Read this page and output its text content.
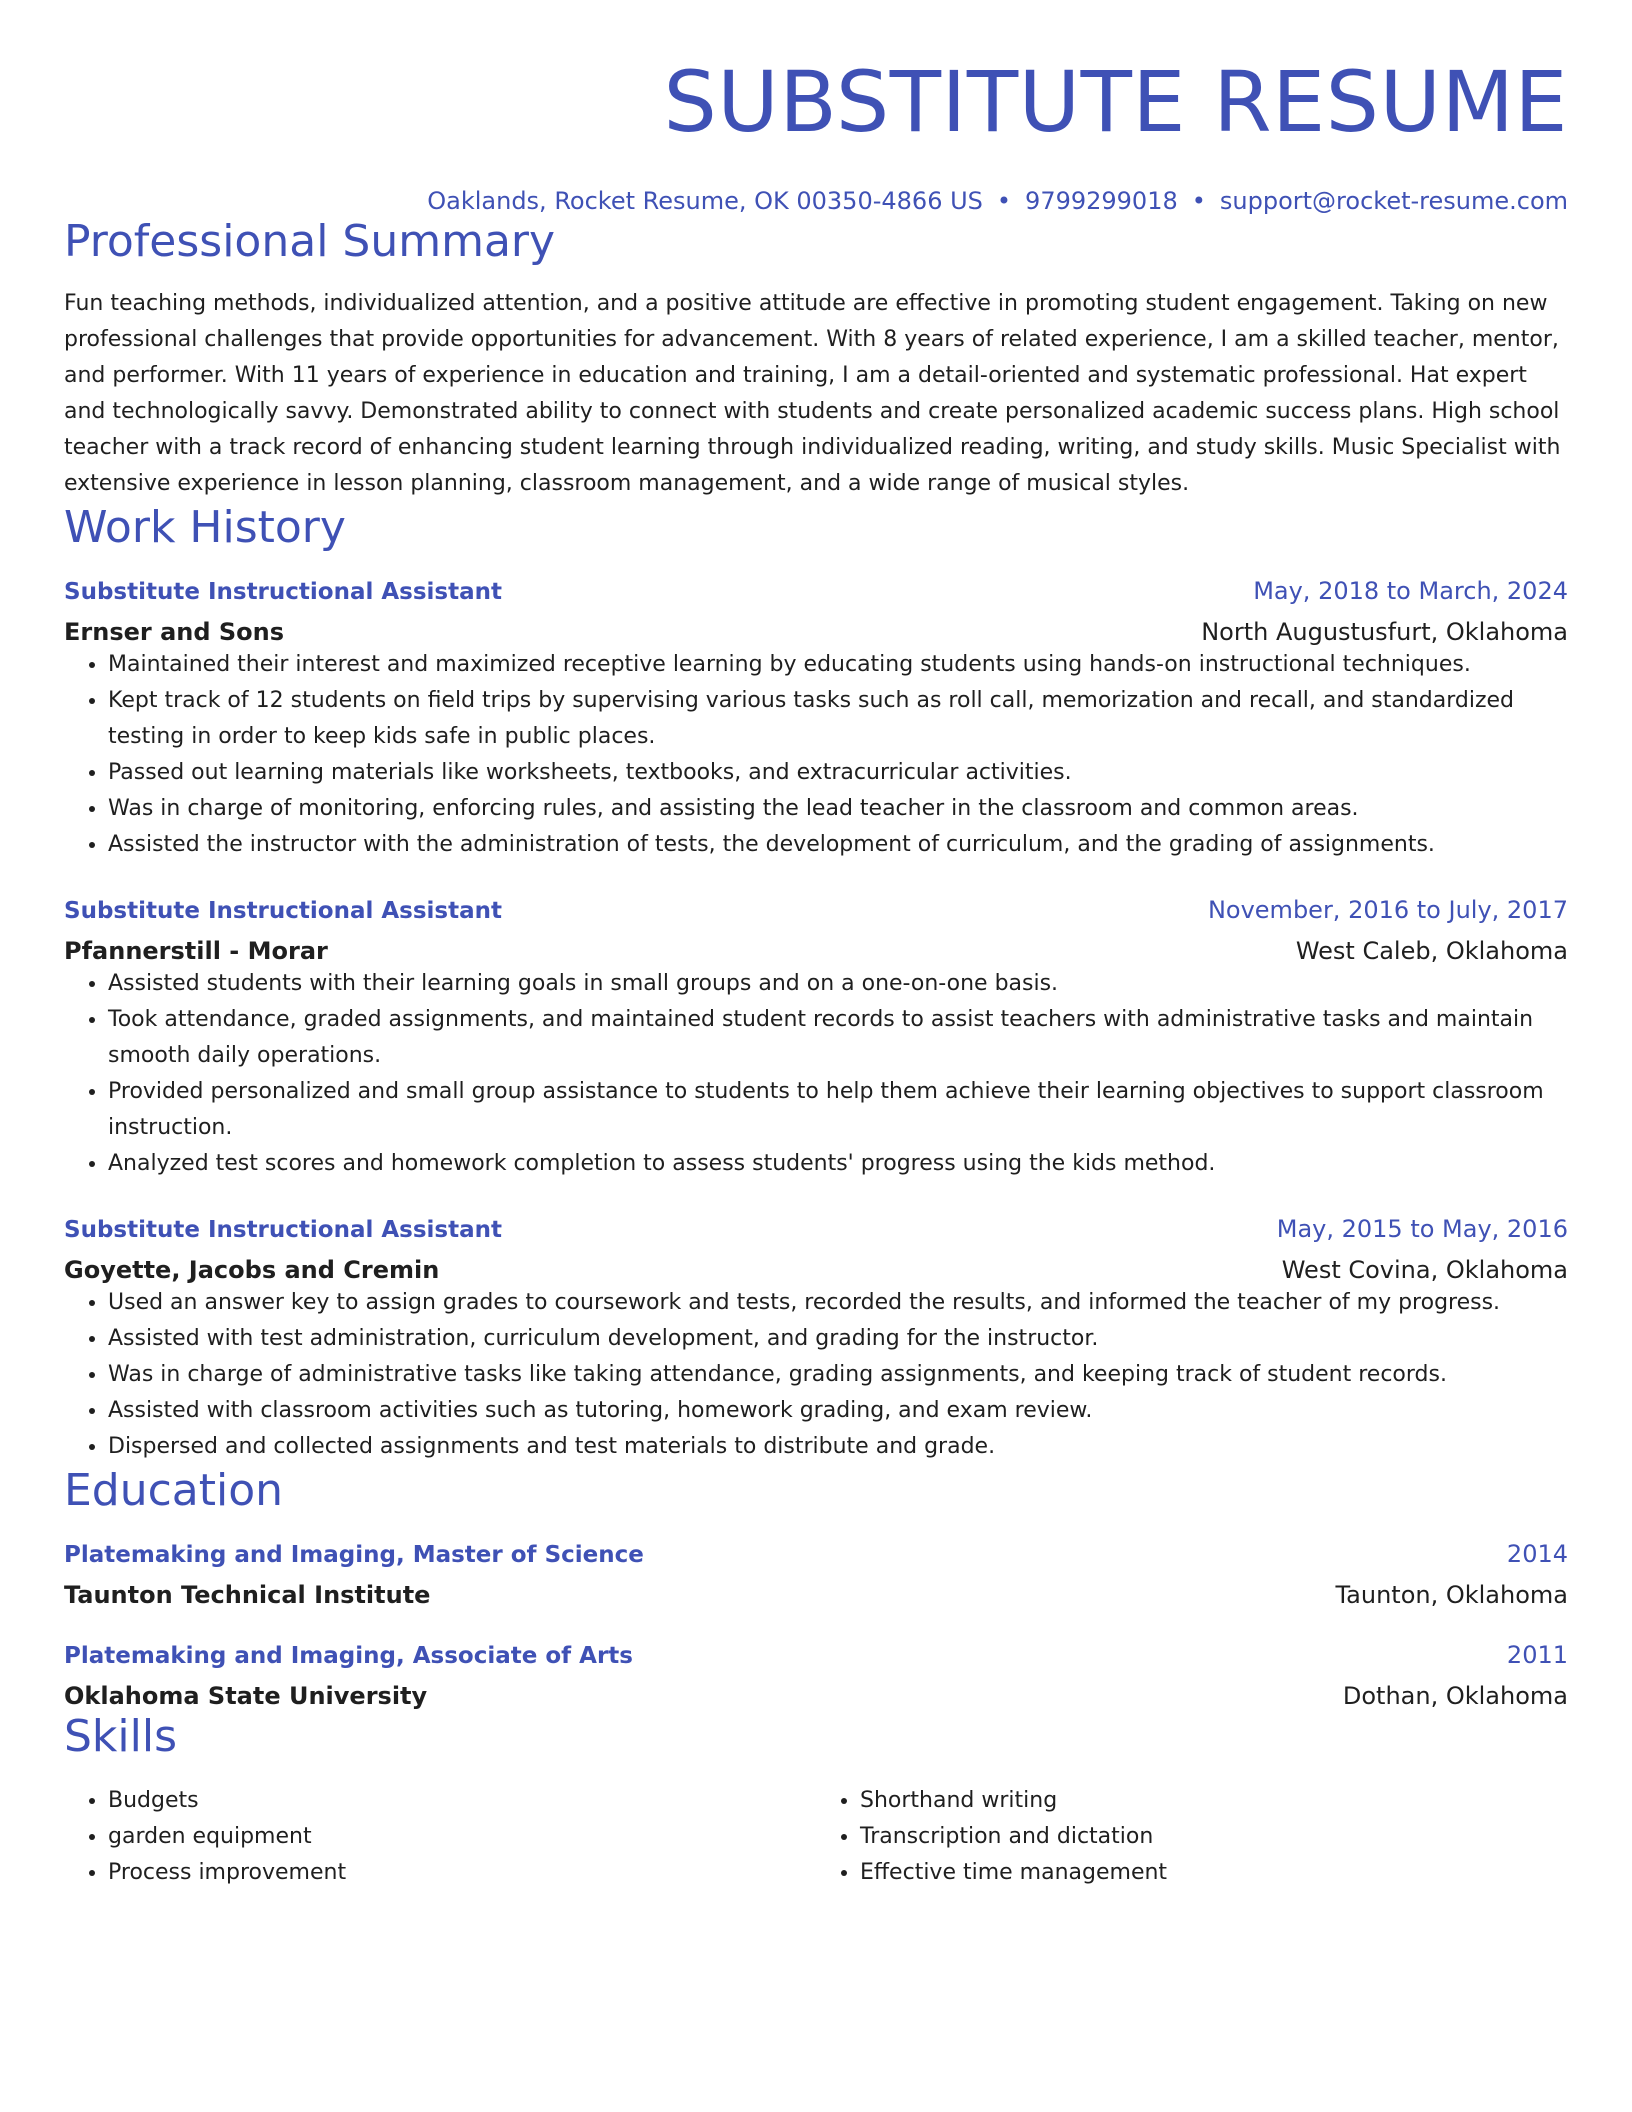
SUBSTITUTE RESUME
Oaklands, Rocket Resume, OK 00350-4866 US • 9799299018 • support@rocket-resume.com
Professional Summary

Fun teaching methods, individualized attention, and a positive attitude are effective in promoting student engagement. Taking on new professional challenges that provide opportunities for advancement. With 8 years of related experience, I am a skilled teacher, mentor, and performer. With 11 years of experience in education and training, I am a detail-oriented and systematic professional. Hat expert and technologically savvy. Demonstrated ability to connect with students and create personalized academic success plans. High school teacher with a track record of enhancing student learning through individualized reading, writing, and study skills. Music Specialist with extensive experience in lesson planning, classroom management, and a wide range of musical styles.

Work History
Substitute Instructional Assistant	May, 2018 to March, 2024
Ernser and Sons	North Augustusfurt, Oklahoma
• Maintained their interest and maximized receptive learning by educating students using hands-on instructional techniques.
• Kept track of 12 students on field trips by supervising various tasks such as roll call, memorization and recall, and standardized testing in order to keep kids safe in public places.
• Passed out learning materials like worksheets, textbooks, and extracurricular activities.
• Was in charge of monitoring, enforcing rules, and assisting the lead teacher in the classroom and common areas.
• Assisted the instructor with the administration of tests, the development of curriculum, and the grading of assignments.
Substitute Instructional Assistant	November, 2016 to July, 2017
Pfannerstill - Morar	West Caleb, Oklahoma
• Assisted students with their learning goals in small groups and on a one-on-one basis.
• Took attendance, graded assignments, and maintained student records to assist teachers with administrative tasks and maintain smooth daily operations.
• Provided personalized and small group assistance to students to help them achieve their learning objectives to support classroom instruction.
• Analyzed test scores and homework completion to assess students' progress using the kids method.
Substitute Instructional Assistant	May, 2015 to May, 2016
Goyette, Jacobs and Cremin	West Covina, Oklahoma
• Used an answer key to assign grades to coursework and tests, recorded the results, and informed the teacher of my progress.
• Assisted with test administration, curriculum development, and grading for the instructor.
• Was in charge of administrative tasks like taking attendance, grading assignments, and keeping track of student records.
• Assisted with classroom activities such as tutoring, homework grading, and exam review.
• Dispersed and collected assignments and test materials to distribute and grade.
Education
Platemaking and Imaging, Master of Science	2014
Taunton Technical Institute	Taunton, Oklahoma
Platemaking and Imaging, Associate of Arts	2011
Oklahoma State University	Dothan, Oklahoma
Skills
• Budgets
• garden equipment
• Process improvement
• Shorthand writing
• Transcription and dictation
• Effective time management
